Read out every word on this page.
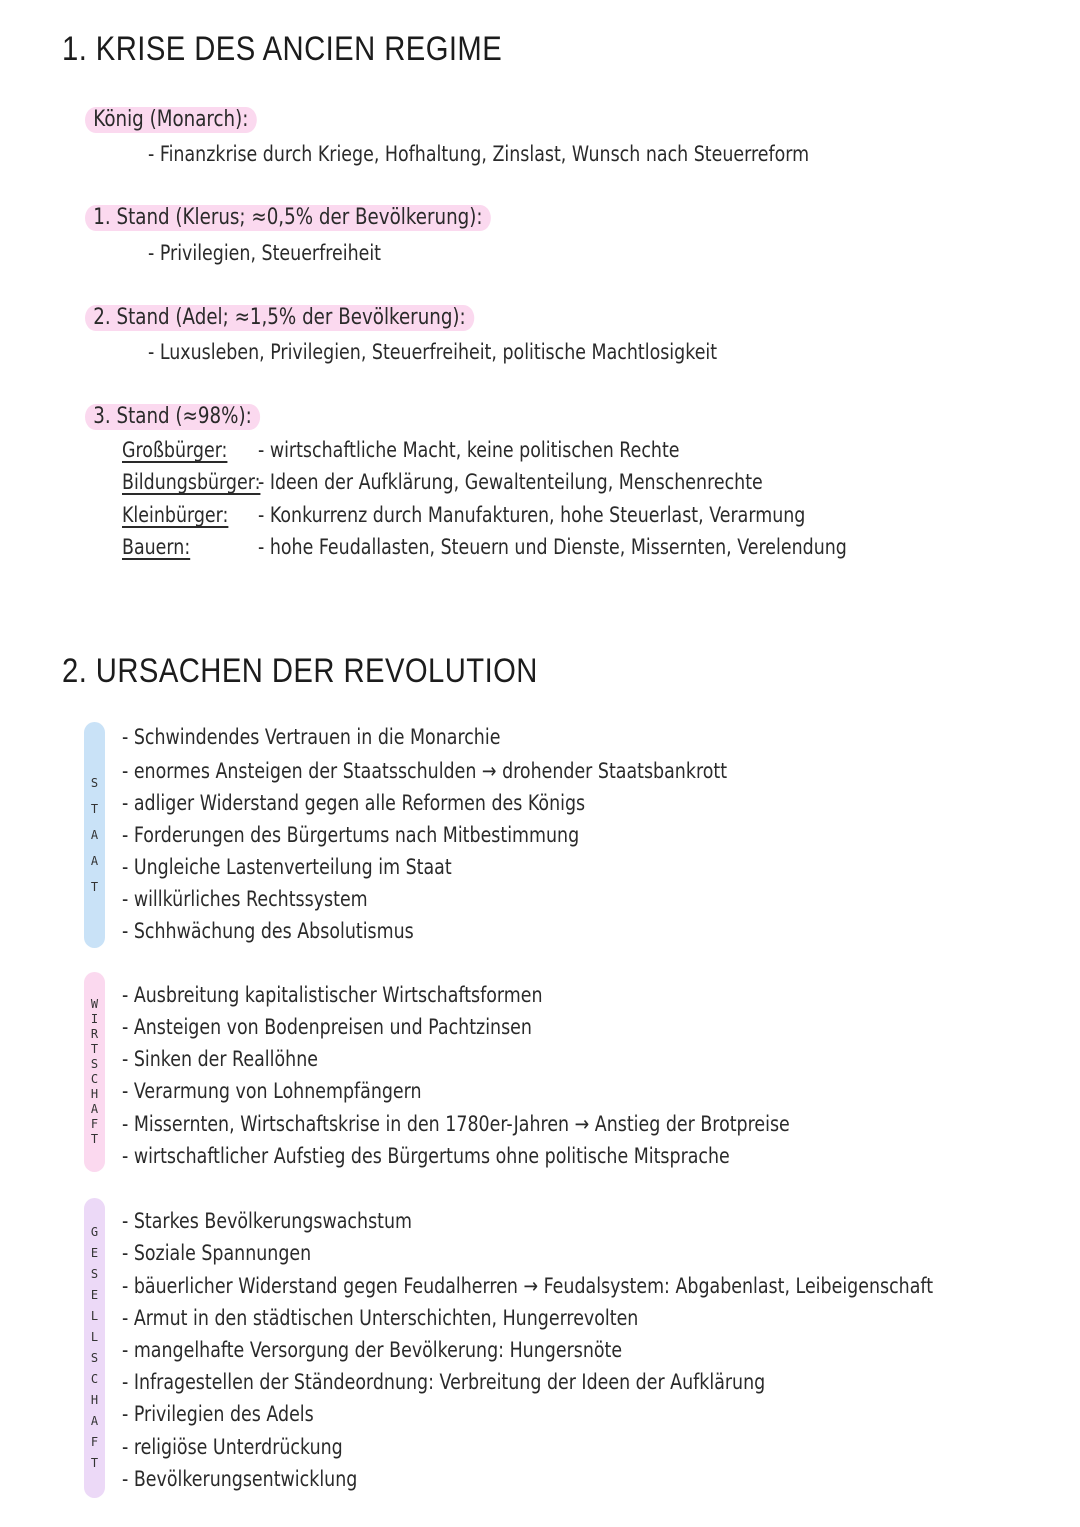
1. KRISE DES ANCIEN REGIME
König (Monarch):
- Finanzkrise durch Kriege, Hofhaltung, Zinslast, Wunsch nach Steuerreform
1. Stand (Klerus; ≈0,5% der Bevölkerung):
- Privilegien, Steuerfreiheit
2. Stand (Adel; ≈1,5% der Bevölkerung):
- Luxusleben, Privilegien, Steuerfreiheit, politische Machtlosigkeit
3. Stand (≈98%):
Großbürger: - wirtschaftliche Macht, keine politischen Rechte
Bildungsbürger:
- Ideen der Aufklärung, Gewaltenteilung, Menschenrechte
Kleinbürger: - Konkurrenz durch Manufakturen, hohe Steuerlast, Verarmung
Bauern:	- hohe Feudallasten, Steuern und Dienste, Missernten, Verelendung
2. URSACHEN DER REVOLUTION
S
T
A
A
T
- Schwindendes Vertrauen in die Monarchie
- enormes Ansteigen der Staatsschulden → drohender Staatsbankrott
- adliger Widerstand gegen alle Reformen des Königs
- Forderungen des Bürgertums nach Mitbestimmung
- Ungleiche Lastenverteilung im Staat
- willkürliches Rechtssystem
- Schhwächung des Absolutismus
W
I
R
T
S
C
H
A
F
T
- Ausbreitung kapitalistischer Wirtschaftsformen
- Ansteigen von Bodenpreisen und Pachtzinsen
- Sinken der Reallöhne
- Verarmung von Lohnempfängern
- Missernten, Wirtschaftskrise in den 1780er-Jahren → Anstieg der Brotpreise
- wirtschaftlicher Aufstieg des Bürgertums ohne politische Mitsprache
G
E
S
E
L
L
S
C
H
A
F
T
- Starkes Bevölkerungswachstum
- Soziale Spannungen
- bäuerlicher Widerstand gegen Feudalherren → Feudalsystem: Abgabenlast, Leibeigenschaft
- Armut in den städtischen Unterschichten, Hungerrevolten
- mangelhafte Versorgung der Bevölkerung: Hungersnöte
- Infragestellen der Ständeordnung: Verbreitung der Ideen der Aufklärung
- Privilegien des Adels
- religiöse Unterdrückung
- Bevölkerungsentwicklung
